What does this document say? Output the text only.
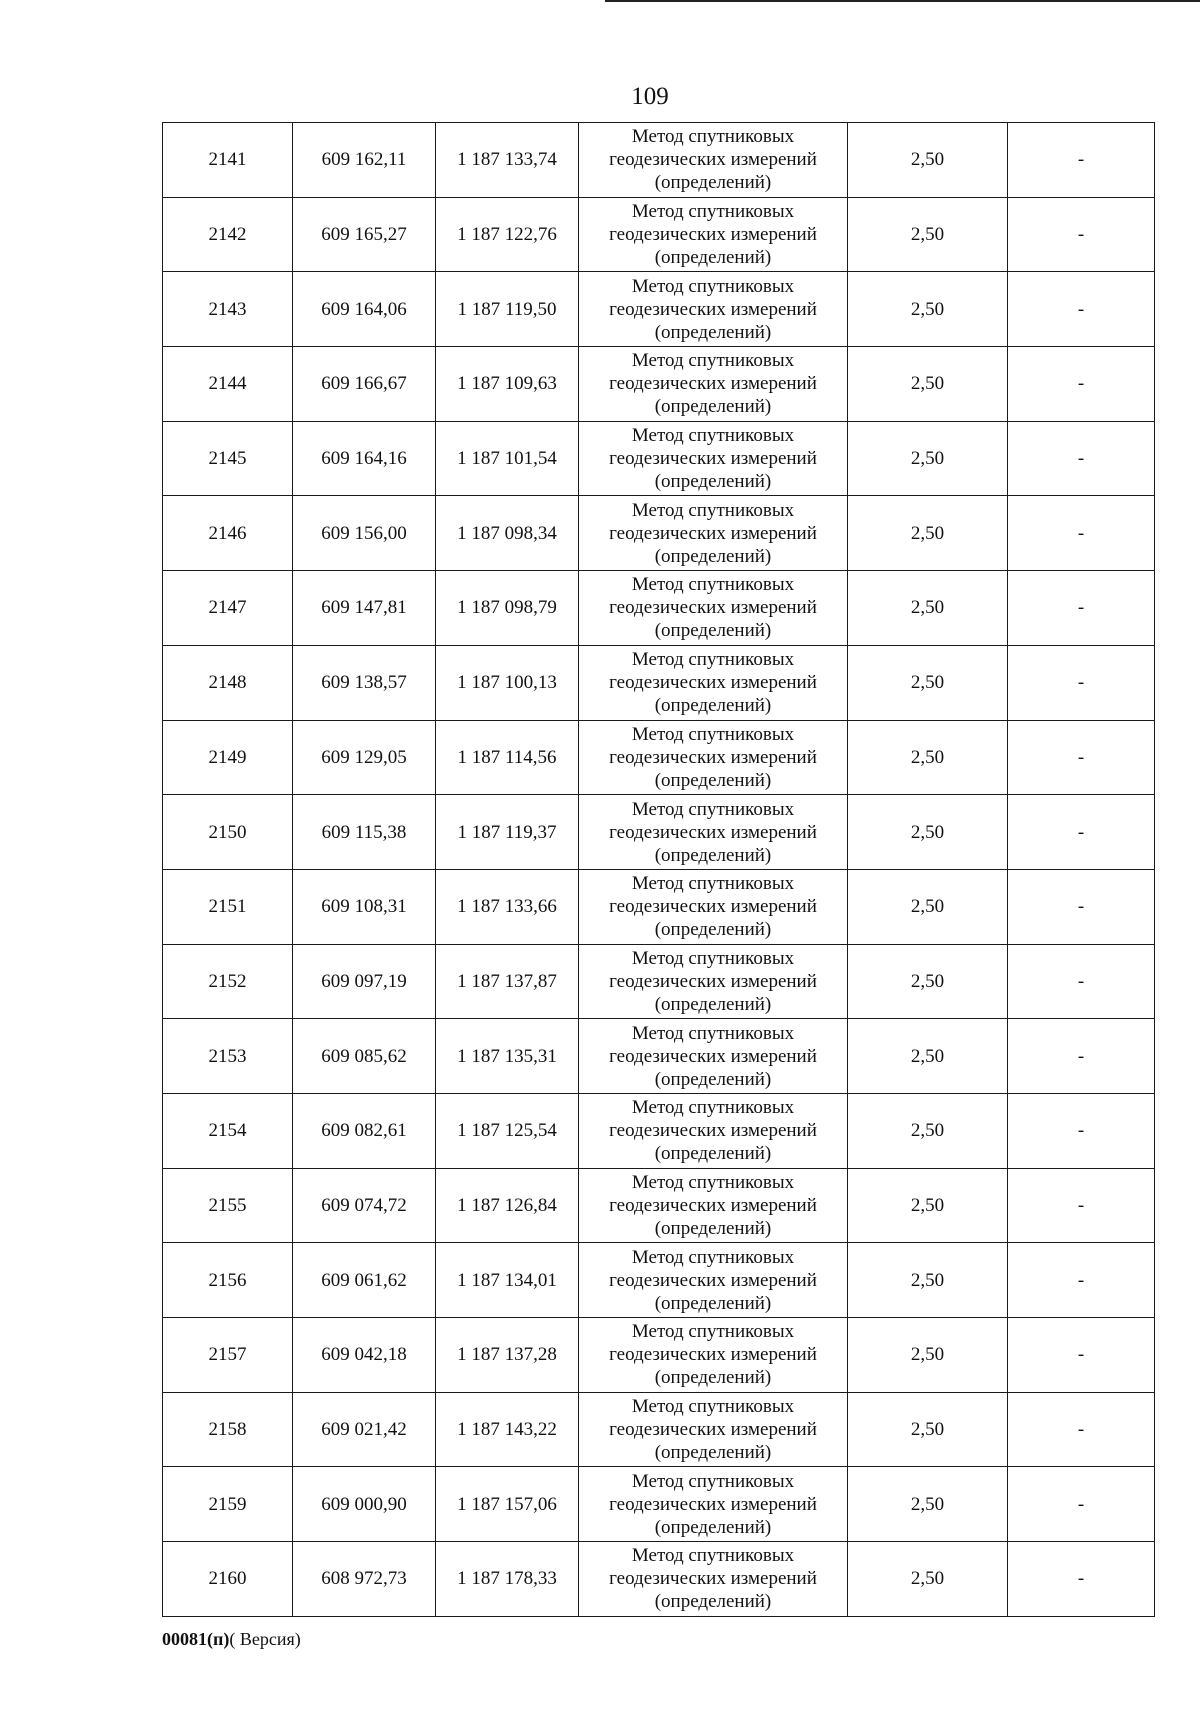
109
2141	609 162,11	1 187 133,74	Метод спутниковых геодезических измерений (определений)	2,50	-
2142	609 165,27	1 187 122,76	Метод спутниковых геодезических измерений (определений)	2,50	-
2143	609 164,06	1 187 119,50	Метод спутниковых геодезических измерений (определений)	2,50	-
2144	609 166,67	1 187 109,63	Метод спутниковых геодезических измерений (определений)	2,50	-
2145	609 164,16	1 187 101,54	Метод спутниковых геодезических измерений (определений)	2,50	-
2146	609 156,00	1 187 098,34	Метод спутниковых геодезических измерений (определений)	2,50	-
2147	609 147,81	1 187 098,79	Метод спутниковых геодезических измерений (определений)	2,50	-
2148	609 138,57	1 187 100,13	Метод спутниковых геодезических измерений (определений)	2,50	-
2149	609 129,05	1 187 114,56	Метод спутниковых геодезических измерений (определений)	2,50	-
2150	609 115,38	1 187 119,37	Метод спутниковых геодезических измерений (определений)	2,50	-
2151	609 108,31	1 187 133,66	Метод спутниковых геодезических измерений (определений)	2,50	-
2152	609 097,19	1 187 137,87	Метод спутниковых геодезических измерений (определений)	2,50	-
2153	609 085,62	1 187 135,31	Метод спутниковых геодезических измерений (определений)	2,50	-
2154	609 082,61	1 187 125,54	Метод спутниковых геодезических измерений (определений)	2,50	-
2155	609 074,72	1 187 126,84	Метод спутниковых геодезических измерений (определений)	2,50	-
2156	609 061,62	1 187 134,01	Метод спутниковых геодезических измерений (определений)	2,50	-
2157	609 042,18	1 187 137,28	Метод спутниковых геодезических измерений (определений)	2,50	-
2158	609 021,42	1 187 143,22	Метод спутниковых геодезических измерений (определений)	2,50	-
2159	609 000,90	1 187 157,06	Метод спутниковых геодезических измерений (определений)	2,50	-
2160	608 972,73	1 187 178,33	Метод спутниковых геодезических измерений (определений)	2,50	-
00081(п)( Версия)
